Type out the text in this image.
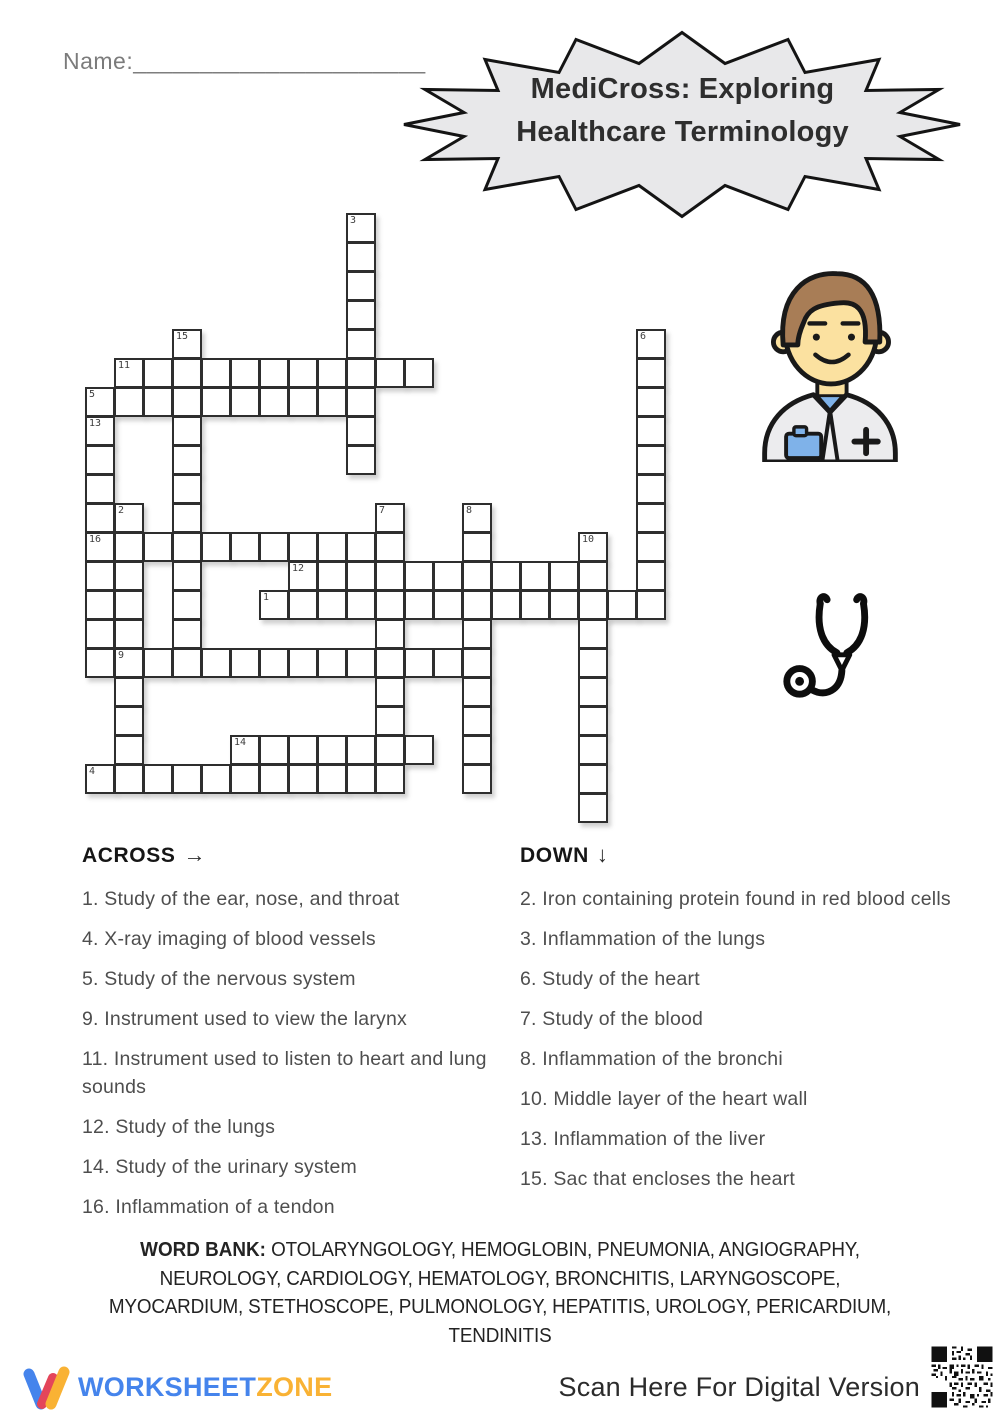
Name:______________________
MediCross: Exploring
Healthcare Terminology
3
15	6
11
5
13
2	7	8
16	10
12
1
9
14
4
ACROSS →
1. Study of the ear, nose, and throat
4. X-ray imaging of blood vessels
5. Study of the nervous system
9. Instrument used to view the larynx
11. Instrument used to listen to heart and lung sounds
12. Study of the lungs
14. Study of the urinary system
16. Inflammation of a tendon
DOWN ↓
2. Iron containing protein found in red blood cells
3. Inflammation of the lungs
6. Study of the heart
7. Study of the blood
8. Inflammation of the bronchi
10. Middle layer of the heart wall
13. Inflammation of the liver
15. Sac that encloses the heart
WORD BANK: OTOLARYNGOLOGY, HEMOGLOBIN, PNEUMONIA, ANGIOGRAPHY,
NEUROLOGY, CARDIOLOGY, HEMATOLOGY, BRONCHITIS, LARYNGOSCOPE,
MYOCARDIUM, STETHOSCOPE, PULMONOLOGY, HEPATITIS, UROLOGY, PERICARDIUM,
TENDINITIS
WORKSHEETZONE	Scan Here For Digital Version
